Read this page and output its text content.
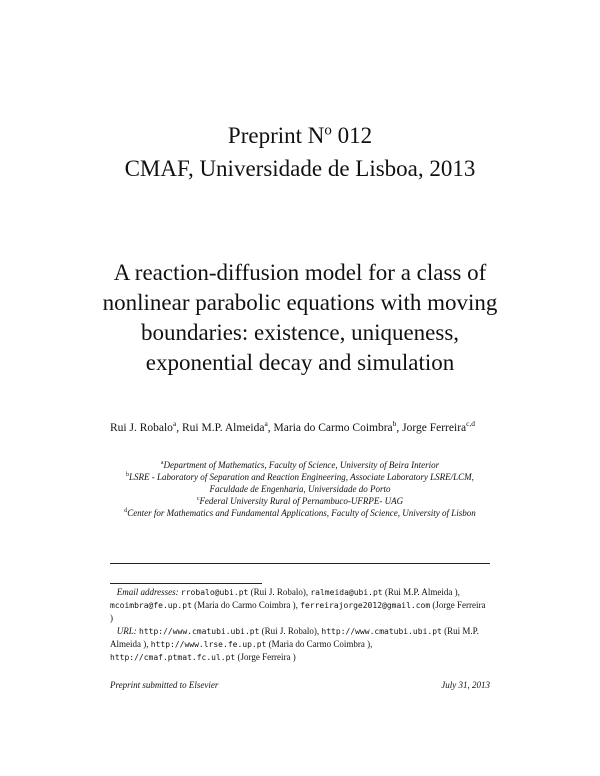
Preprint $N^o$ 012
CMAF, Universidade de Lisboa, 2013
A reaction-diffusion model for a class of nonlinear parabolic equations with moving boundaries: existence, uniqueness, exponential decay and simulation
Rui J. Robalo$^a$, Rui M.P. Almeida$^a$, Maria do Carmo Coimbra$^b$, Jorge Ferreira$^{c,d}$
$^a$Department of Mathematics, Faculty of Science, University of Beira Interior
$^b$LSRE - Laboratory of Separation and Reaction Engineering, Associate Laboratory LSRE/LCM, Faculdade de Engenharia, Universidade do Porto
$^c$Federal University Rural of Pernambuco-UFRPE- UAG
$^d$Center for Mathematics and Fundamental Applications, Faculty of Science, University of Lisbon
Email addresses: rrobalo@ubi.pt (Rui J. Robalo), ralmeida@ubi.pt (Rui M.P. Almeida ), mcoimbra@fe.up.pt (Maria do Carmo Coimbra ), ferreirajorge2012@gmail.com (Jorge Ferreira )
URL: http://www.cmatubi.ubi.pt (Rui J. Robalo), http://www.cmatubi.ubi.pt (Rui M.P. Almeida ), http://www.lrse.fe.up.pt (Maria do Carmo Coimbra ), http://cmaf.ptmat.fc.ul.pt (Jorge Ferreira )
Preprint submitted to Elsevier	July 31, 2013
